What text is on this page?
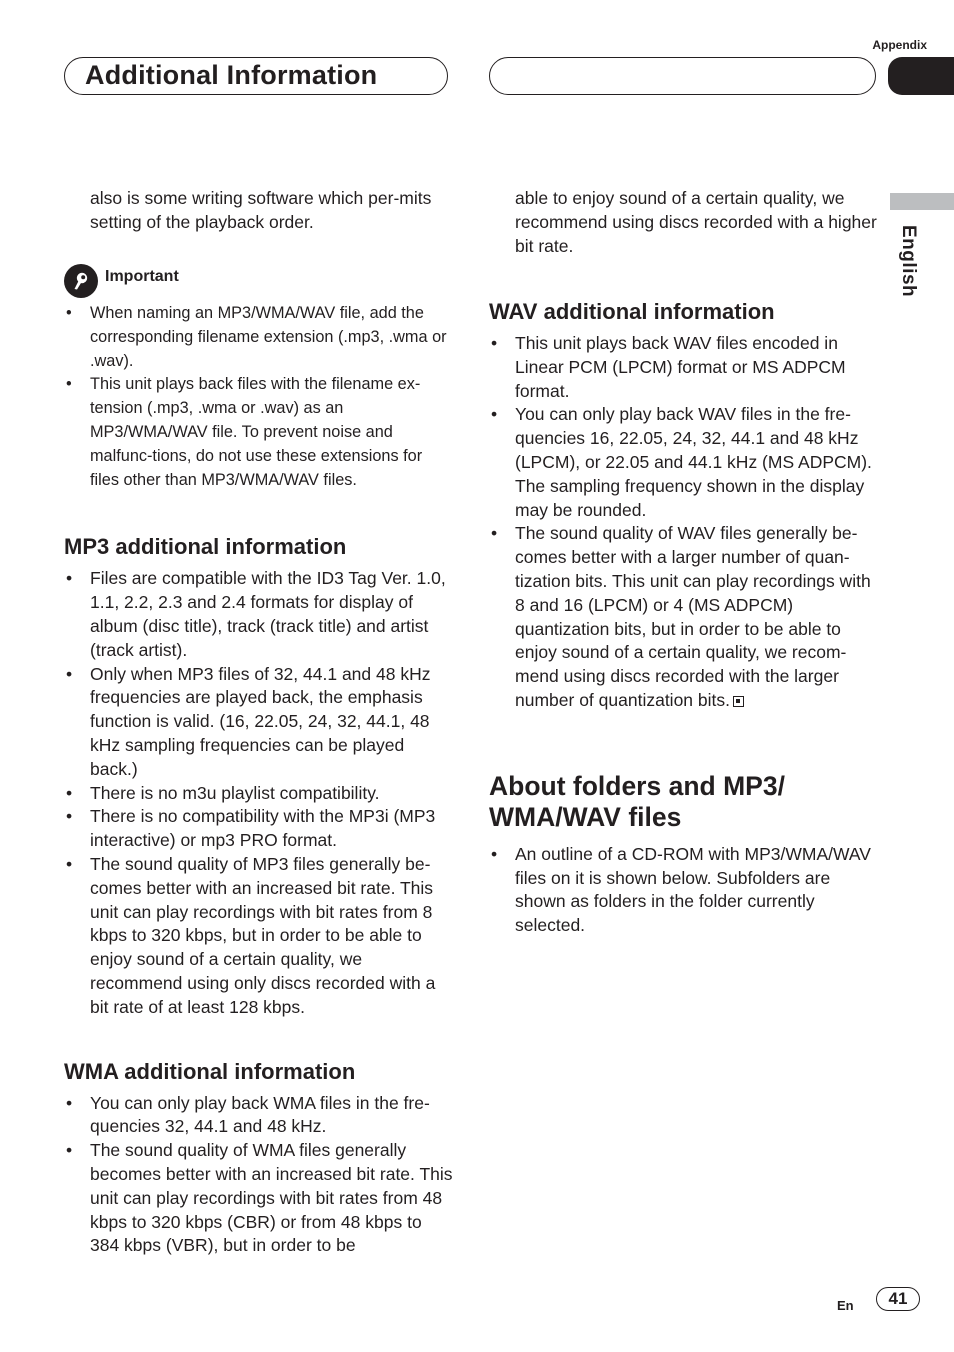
Appendix
Additional Information
English

also is some writing software which per-mits setting of the playback order.

Important
• When naming an MP3/WMA/WAV file, add the corresponding filename extension (.mp3, .wma or .wav).
• This unit plays back files with the filename ex-tension (.mp3, .wma or .wav) as an MP3/WMA/WAV file. To prevent noise and malfunc-tions, do not use these extensions for files other than MP3/WMA/WAV files.
MP3 additional information
• Files are compatible with the ID3 Tag Ver. 1.0, 1.1, 2.2, 2.3 and 2.4 formats for display of album (disc title), track (track title) and artist (track artist).
• Only when MP3 files of 32, 44.1 and 48 kHz frequencies are played back, the emphasis function is valid. (16, 22.05, 24, 32, 44.1, 48 kHz sampling frequencies can be played back.)
• There is no m3u playlist compatibility.
• There is no compatibility with the MP3i (MP3 interactive) or mp3 PRO format.
• The sound quality of MP3 files generally be-comes better with an increased bit rate. This unit can play recordings with bit rates from 8 kbps to 320 kbps, but in order to be able to enjoy sound of a certain quality, we recommend using only discs recorded with a bit rate of at least 128 kbps.
WMA additional information
• You can only play back WMA files in the fre-quencies 32, 44.1 and 48 kHz.
• The sound quality of WMA files generally becomes better with an increased bit rate. This unit can play recordings with bit rates from 48 kbps to 320 kbps (CBR) or from 48 kbps to 384 kbps (VBR), but in order to be

able to enjoy sound of a certain quality, we recommend using discs recorded with a higher bit rate.

WAV additional information
• This unit plays back WAV files encoded in Linear PCM (LPCM) format or MS ADPCM format.
• You can only play back WAV files in the fre-quencies 16, 22.05, 24, 32, 44.1 and 48 kHz (LPCM), or 22.05 and 44.1 kHz (MS ADPCM). The sampling frequency shown in the display may be rounded.
• The sound quality of WAV files generally be-comes better with a larger number of quan-tization bits. This unit can play recordings with 8 and 16 (LPCM) or 4 (MS ADPCM) quantization bits, but in order to be able to enjoy sound of a certain quality, we recom-mend using discs recorded with the larger number of quantization bits.
About folders and MP3/
WMA/WAV files
• An outline of a CD-ROM with MP3/WMA/WAV files on it is shown below. Subfolders are shown as folders in the folder currently selected.
En	41
